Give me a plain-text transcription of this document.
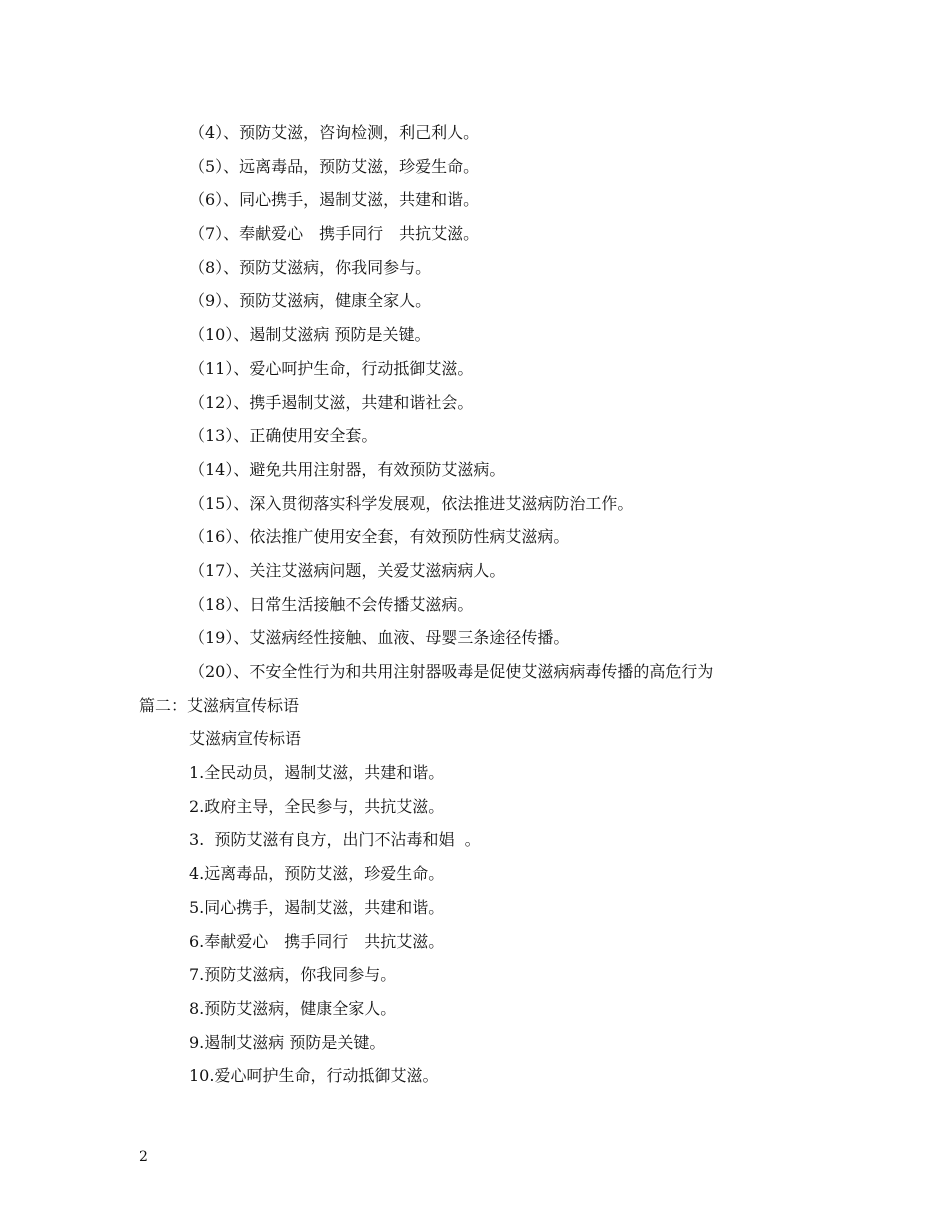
（4）、预防艾滋，咨询检测，利己利人。
（5）、远离毒品，预防艾滋，珍爱生命。
（6）、同心携手，遏制艾滋，共建和谐。
（7）、奉献爱心　携手同行　共抗艾滋。
（8）、预防艾滋病，你我同参与。
（9）、预防艾滋病，健康全家人。
（10）、遏制艾滋病 预防是关键。
（11）、爱心呵护生命，行动抵御艾滋。
（12）、携手遏制艾滋，共建和谐社会。
（13）、正确使用安全套。
（14）、避免共用注射器，有效预防艾滋病。
（15）、深入贯彻落实科学发展观，依法推进艾滋病防治工作。
（16）、依法推广使用安全套，有效预防性病艾滋病。
（17）、关注艾滋病问题，关爱艾滋病病人。
（18）、日常生活接触不会传播艾滋病。
（19）、艾滋病经性接触、血液、母婴三条途径传播。
（20）、不安全性行为和共用注射器吸毒是促使艾滋病病毒传播的高危行为
篇二：艾滋病宣传标语
艾滋病宣传标语
1.全民动员，遏制艾滋，共建和谐。
2.政府主导，全民参与，共抗艾滋。
3.  预防艾滋有良方，出门不沾毒和娼  。
4.远离毒品，预防艾滋，珍爱生命。
5.同心携手，遏制艾滋，共建和谐。
6.奉献爱心　携手同行　共抗艾滋。
7.预防艾滋病，你我同参与。
8.预防艾滋病，健康全家人。
9.遏制艾滋病 预防是关键。
10.爱心呵护生命，行动抵御艾滋。
2
